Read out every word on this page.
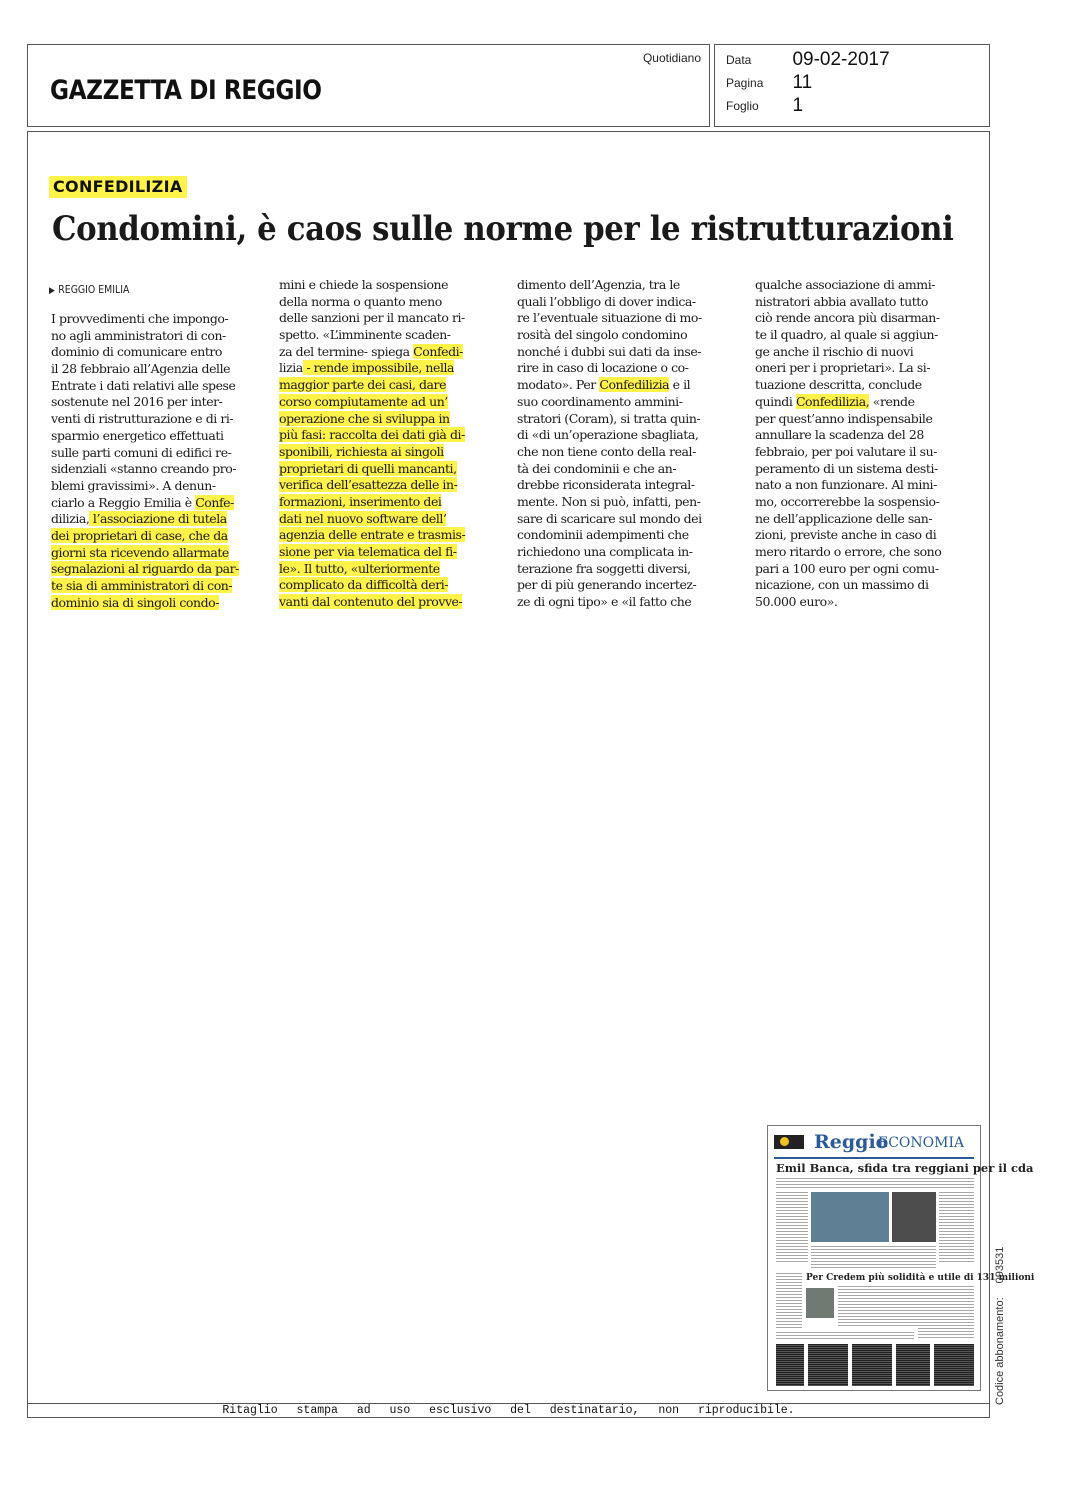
GAZZETTA DI REGGIO
Quotidiano Data 09-02-2017
Pagina 11
Foglio 1
CONFEDILIZIA
Condomini, è caos sulle norme per le ristrutturazioni
▶ REGGIO EMILIA
I provvedimenti che impongo-
no agli amministratori di con-
dominio di comunicare entro
il 28 febbraio all’Agenzia delle
Entrate i dati relativi alle spese
sostenute nel 2016 per inter-
venti di ristrutturazione e di ri-
sparmio energetico effettuati
sulle parti comuni di edifici re-
sidenziali «stanno creando pro-
blemi gravissimi». A denun-
ciarlo a Reggio Emilia è Confe-
dilizia, l’associazione di tutela
dei proprietari di case, che da
giorni sta ricevendo allarmate
segnalazioni al riguardo da par-
te sia di amministratori di con-
dominio sia di singoli condo-
mini e chiede la sospensione
della norma o quanto meno
delle sanzioni per il mancato ri-
spetto. «L’imminente scaden-
za del termine- spiega Confedi-
lizia - rende impossibile, nella
maggior parte dei casi, dare
corso compiutamente ad un’
operazione che si sviluppa in
più fasi: raccolta dei dati già di-
sponibili, richiesta ai singoli
proprietari di quelli mancanti,
verifica dell’esattezza delle in-
formazioni, inserimento dei
dati nel nuovo software dell’
agenzia delle entrate e trasmis-
sione per via telematica del fi-
le». Il tutto, «ulteriormente
complicato da difficoltà deri-
vanti dal contenuto del provve-
dimento dell’Agenzia, tra le
quali l’obbligo di dover indica-
re l’eventuale situazione di mo-
rosità del singolo condomino
nonché i dubbi sui dati da inse-
rire in caso di locazione o co-
modato». Per Confedilizia e il
suo coordinamento ammini-
stratori (Coram), si tratta quin-
di «di un’operazione sbagliata,
che non tiene conto della real-
tà dei condominii e che an-
drebbe riconsiderata integral-
mente. Non si può, infatti, pen-
sare di scaricare sul mondo dei
condominii adempimenti che
richiedono una complicata in-
terazione fra soggetti diversi,
per di più generando incertez-
ze di ogni tipo» e «il fatto che
qualche associazione di ammi-
nistratori abbia avallato tutto
ciò rende ancora più disarman-
te il quadro, al quale si aggiun-
ge anche il rischio di nuovi
oneri per i proprietari». La si-
tuazione descritta, conclude
quindi Confedilizia, «rende
per quest’anno indispensabile
annullare la scadenza del 28
febbraio, per poi valutare il su-
peramento di un sistema desti-
nato a non funzionare. Al mini-
mo, occorrerebbe la sospensio-
ne dell’applicazione delle san-
zioni, previste anche in caso di
mero ritardo o errore, che sono
pari a 100 euro per ogni comu-
nicazione, con un massimo di
50.000 euro».
Reggio
ECONOMIA
Emil Banca, sfida tra reggiani per il cda
Per Credem più solidità e utile di 131 milioni
Codice abbonamento:093531
Ritaglio stampa ad uso esclusivo del destinatario, non riproducibile.
